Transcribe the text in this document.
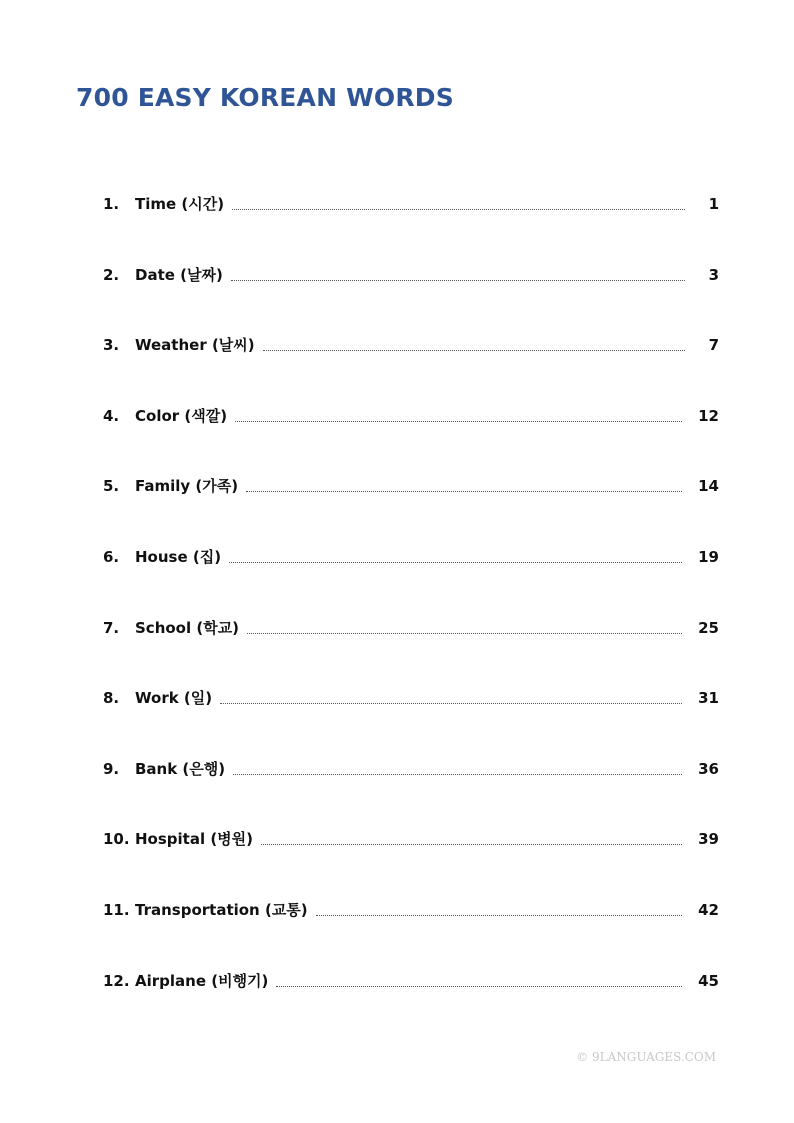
700 EASY KOREAN WORDS
1.	Time (시간)	1
2.	Date (날짜)	3
3.	Weather (날씨)	7
4.	Color (색깔)	12
5.	Family (가족)	14
6.	House (집)	19
7.	School (학교)	25
8.	Work (일)	31
9.	Bank (은행)	36
10. Hospital (병원)	39
11. Transportation (교통)	42
12. Airplane (비행기)	45
© 9LANGUAGES.COM
